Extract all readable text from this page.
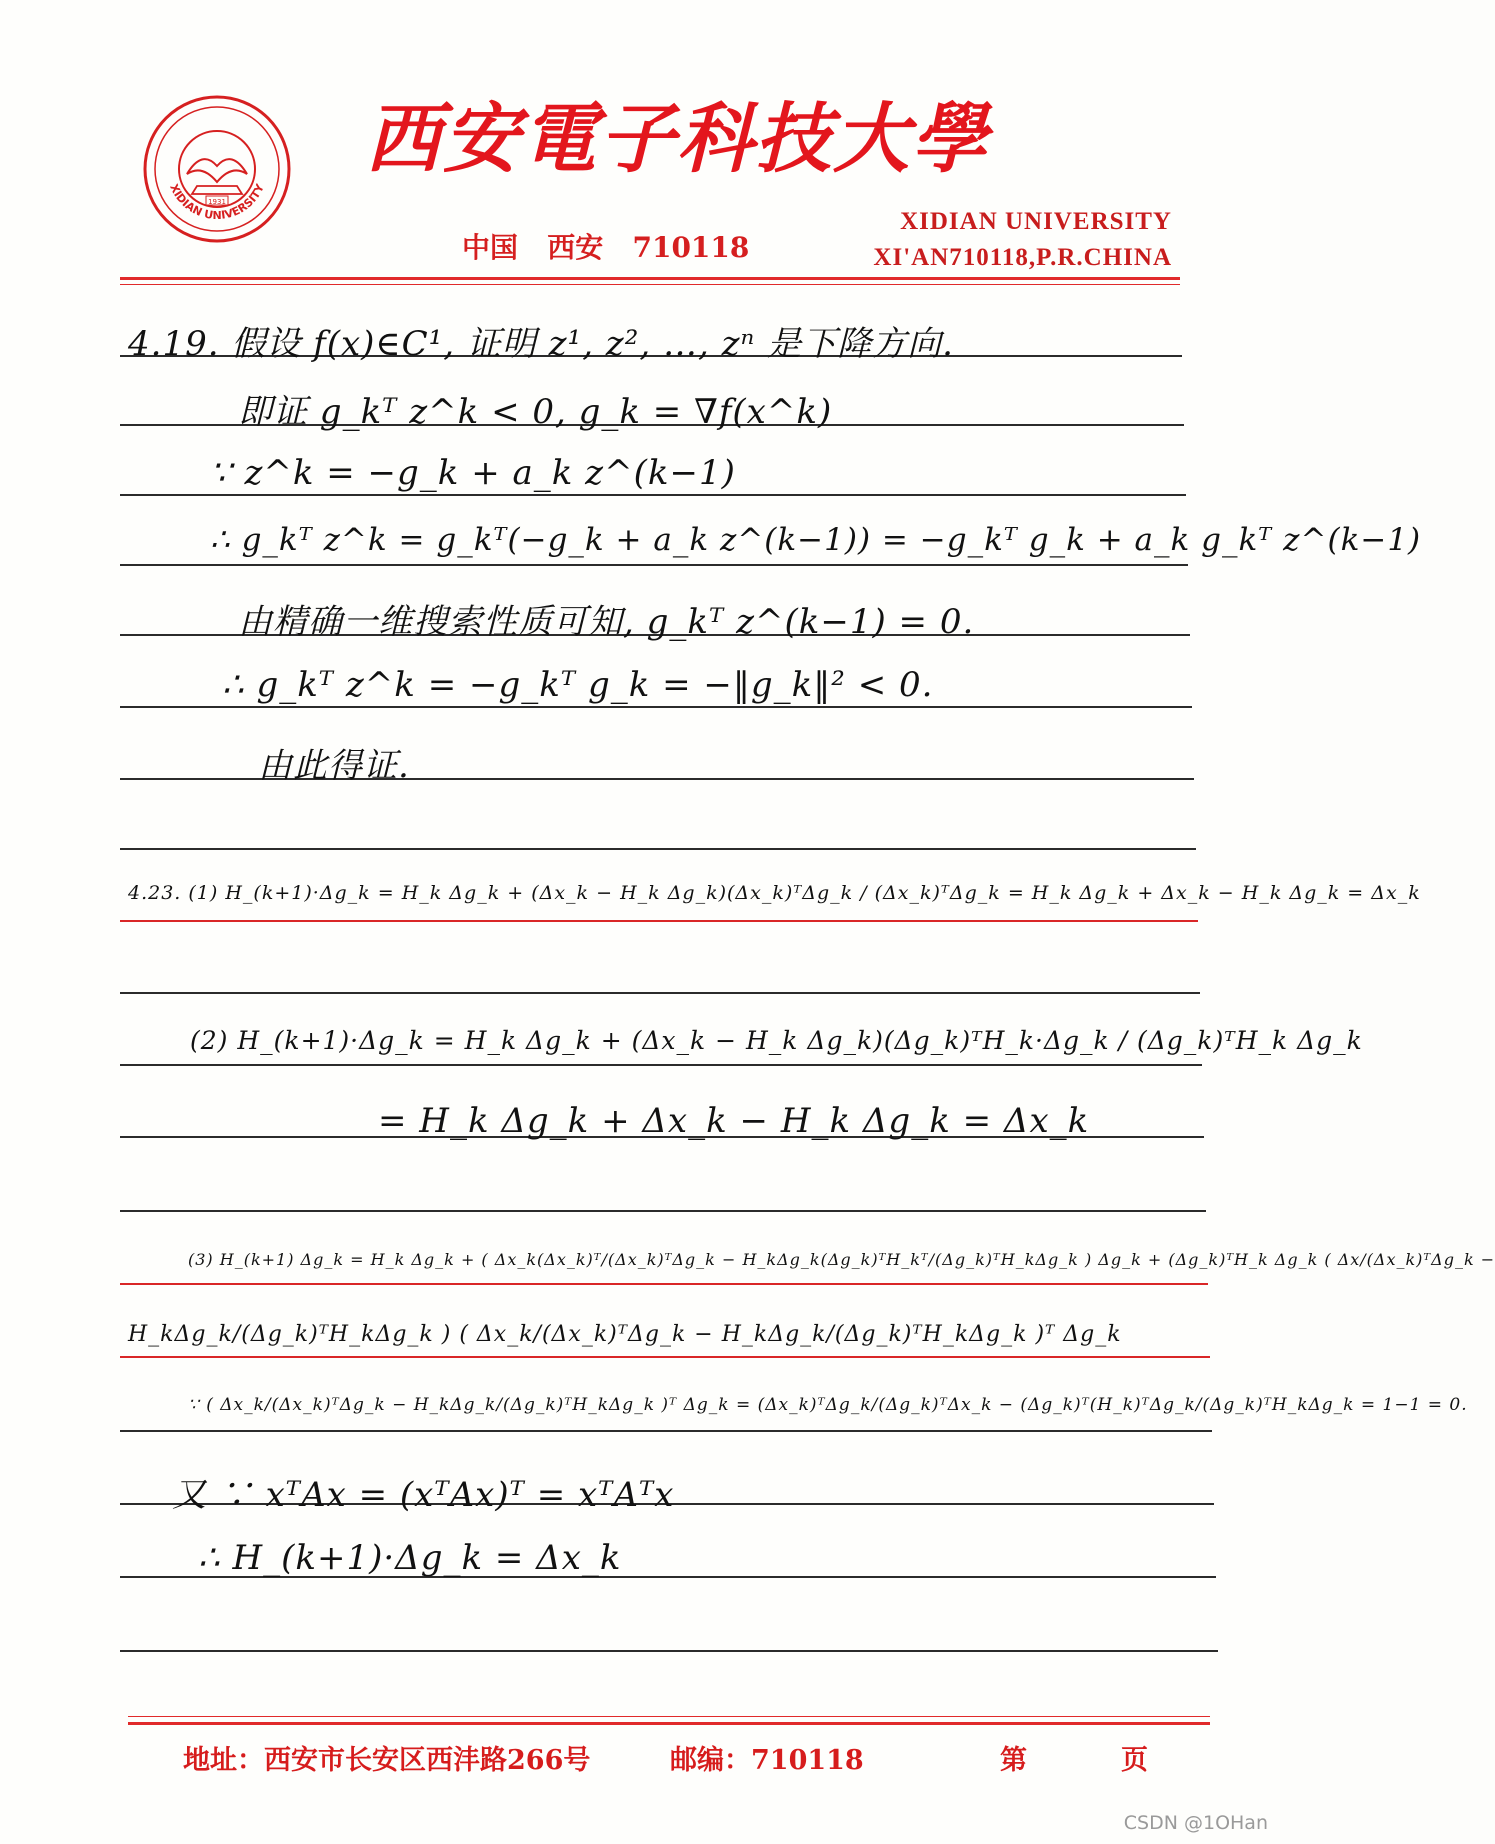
1931
XIDIAN UNIVERSITY
西安電子科技大學
中国   西安   710118
XIDIAN UNIVERSITY
XI'AN710118,P.R.CHINA
4.19. 假设 f(x)∈C¹, 证明 z¹, z², …, zⁿ 是下降方向.
即证 g_kᵀ z^k < 0, g_k = ∇f(x^k)
∵ z^k = −g_k + a_k z^(k−1)
∴ g_kᵀ z^k = g_kᵀ(−g_k + a_k z^(k−1)) = −g_kᵀ g_k + a_k g_kᵀ z^(k−1)
由精确一维搜索性质可知, g_kᵀ z^(k−1) = 0.
∴ g_kᵀ z^k = −g_kᵀ g_k = −‖g_k‖² < 0.
由此得证.
4.23. (1) H_(k+1)·Δg_k = H_k Δg_k + (Δx_k − H_k Δg_k)(Δx_k)ᵀΔg_k / (Δx_k)ᵀΔg_k = H_k Δg_k + Δx_k − H_k Δg_k = Δx_k
(2) H_(k+1)·Δg_k = H_k Δg_k + (Δx_k − H_k Δg_k)(Δg_k)ᵀH_k·Δg_k / (Δg_k)ᵀH_k Δg_k
= H_k Δg_k + Δx_k − H_k Δg_k = Δx_k
(3) H_(k+1) Δg_k = H_k Δg_k + ( Δx_k(Δx_k)ᵀ/(Δx_k)ᵀΔg_k − H_kΔg_k(Δg_k)ᵀH_kᵀ/(Δg_k)ᵀH_kΔg_k ) Δg_k + (Δg_k)ᵀH_k Δg_k ( Δx/(Δx_k)ᵀΔg_k −
H_kΔg_k/(Δg_k)ᵀH_kΔg_k ) ( Δx_k/(Δx_k)ᵀΔg_k − H_kΔg_k/(Δg_k)ᵀH_kΔg_k )ᵀ Δg_k
∵ ( Δx_k/(Δx_k)ᵀΔg_k − H_kΔg_k/(Δg_k)ᵀH_kΔg_k )ᵀ Δg_k = (Δx_k)ᵀΔg_k/(Δg_k)ᵀΔx_k − (Δg_k)ᵀ(H_k)ᵀΔg_k/(Δg_k)ᵀH_kΔg_k = 1−1 = 0.
又 ∵ xᵀAx = (xᵀAx)ᵀ = xᵀAᵀx
∴ H_(k+1)·Δg_k = Δx_k
地址：西安市长安区西沣路266号	邮编：710118	第          页
CSDN @1OHan
